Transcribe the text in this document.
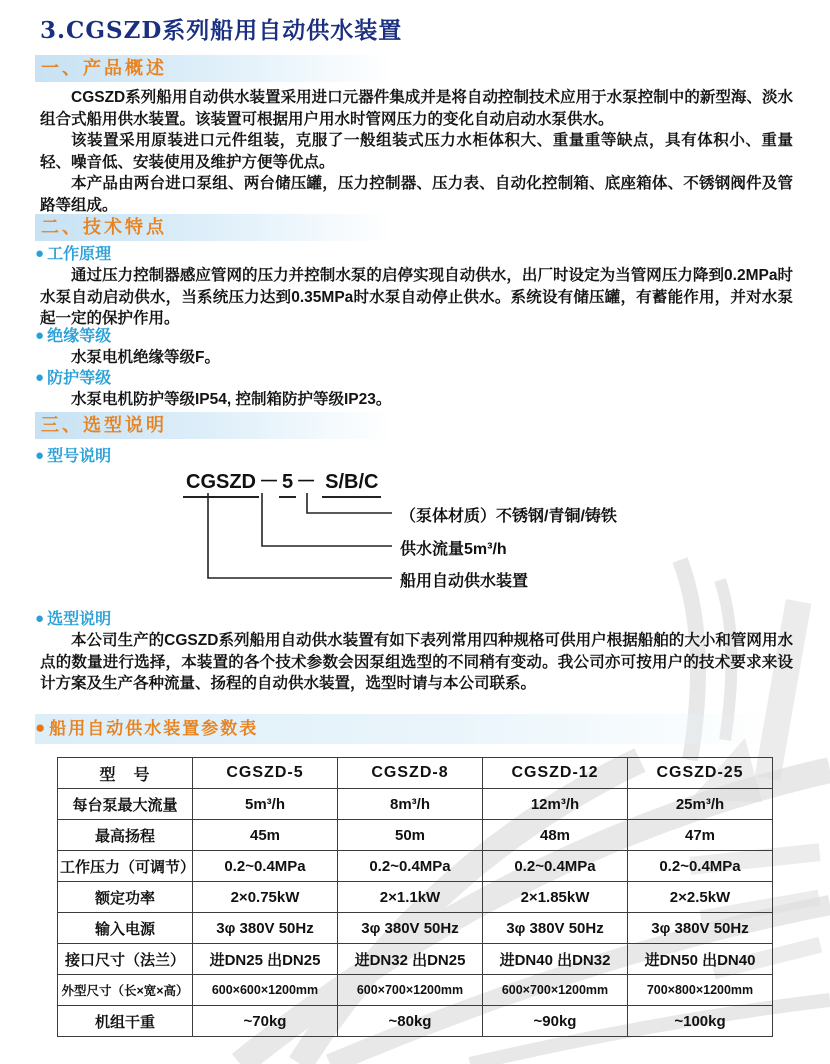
3.CGSZD系列船用自动供水装置
一、产品概述

CGSZD系列船用自动供水装置采用进口元器件集成并是将自动控制技术应用于水泵控制中的新型海、淡水组合式船用供水装置。该装置可根据用户用水时管网压力的变化自动启动水泵供水。

该装置采用原装进口元件组装，克服了一般组装式压力水柜体积大、重量重等缺点，具有体积小、重量轻、噪音低、安装使用及维护方便等优点。

本产品由两台进口泵组、两台储压罐，压力控制器、压力表、自动化控制箱、底座箱体、不锈钢阀件及管路等组成。

二、技术特点
● 工作原理

通过压力控制器感应管网的压力并控制水泵的启停实现自动供水，出厂时设定为当管网压力降到0.2MPa时水泵自动启动供水，当系统压力达到0.35MPa时水泵自动停止供水。系统设有储压罐，有蓄能作用，并对水泵起一定的保护作用。

● 绝缘等级

水泵电机绝缘等级F。

● 防护等级

水泵电机防护等级IP54, 控制箱防护等级IP23。

三、选型说明
● 型号说明
CGSZD － 5 － S/B/C
（泵体材质）不锈钢/青铜/铸铁
供水流量5m³/h
船用自动供水装置
● 选型说明

本公司生产的CGSZD系列船用自动供水装置有如下表列常用四种规格可供用户根据船舶的大小和管网用水点的数量进行选择，本装置的各个技术参数会因泵组选型的不同稍有变动。我公司亦可按用户的技术要求来设计方案及生产各种流量、扬程的自动供水装置，选型时请与本公司联系。

● 船用自动供水装置参数表
型　号	CGSZD-5	CGSZD-8	CGSZD-12	CGSZD-25
每台泵最大流量	5m³/h	8m³/h	12m³/h	25m³/h
最高扬程	45m	50m	48m	47m
工作压力（可调节）	0.2~0.4MPa	0.2~0.4MPa	0.2~0.4MPa	0.2~0.4MPa
额定功率	2×0.75kW	2×1.1kW	2×1.85kW	2×2.5kW
输入电源	3φ 380V 50Hz	3φ 380V 50Hz	3φ 380V 50Hz	3φ 380V 50Hz
接口尺寸（法兰）	进DN25 出DN25	进DN32 出DN25	进DN40 出DN32	进DN50 出DN40
外型尺寸（长×宽×高）	600×600×1200mm	600×700×1200mm	600×700×1200mm	700×800×1200mm
机组干重	~70kg	~80kg	~90kg	~100kg
